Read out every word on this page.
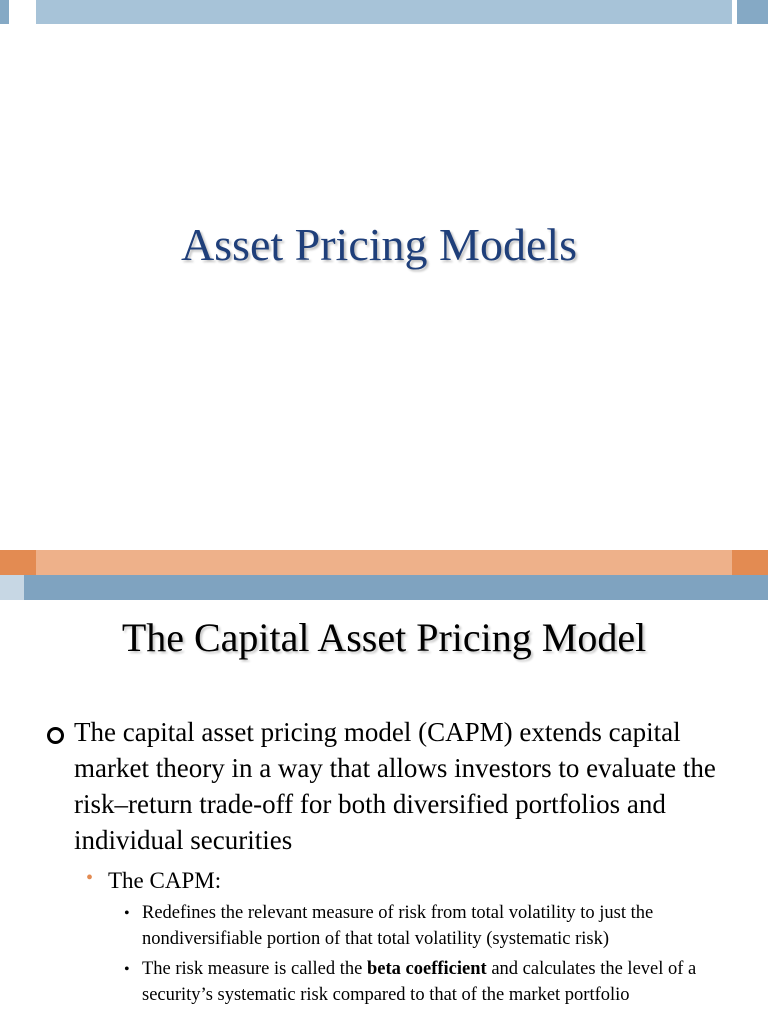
Asset Pricing Models
The Capital Asset Pricing Model
The capital asset pricing model (CAPM) extends capital market theory in a way that allows investors to evaluate the risk–return trade-off for both diversified portfolios and individual securities
• The CAPM:
• Redefines the relevant measure of risk from total volatility to just the nondiversifiable portion of that total volatility (systematic risk)
• The risk measure is called the beta coefficient and calculates the level of a security’s systematic risk compared to that of the market portfolio
